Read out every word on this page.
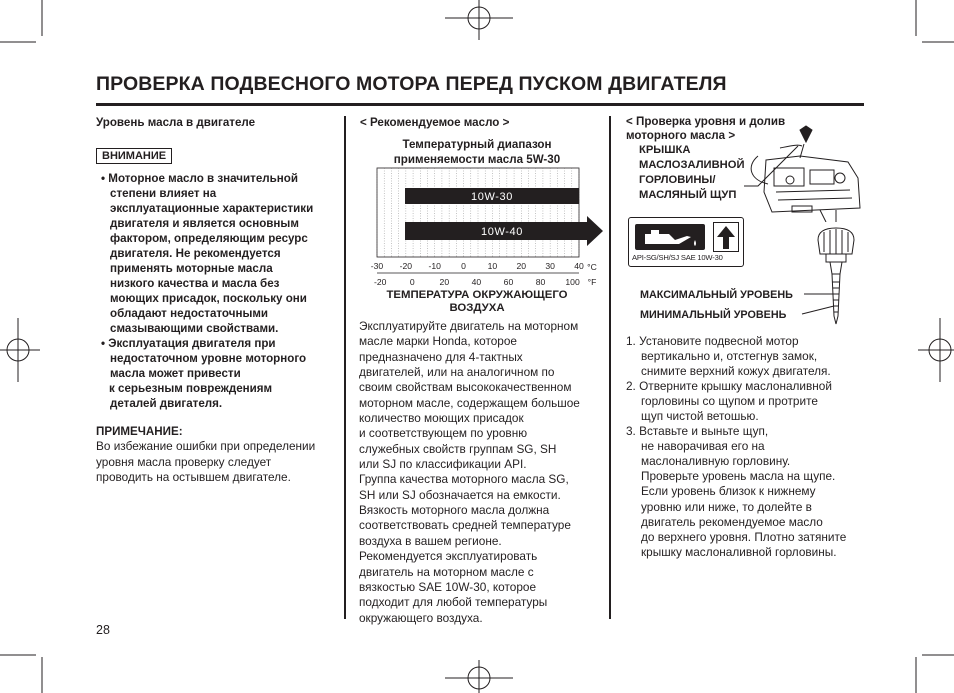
ПРОВЕРКА ПОДВЕСНОГО МОТОРА ПЕРЕД ПУСКОМ ДВИГАТЕЛЯ
Уровень масла в двигателе
ВНИМАНИЕ
• Моторное масло в значительной
степени влияет на
эксплуатационные характеристики
двигателя и является основным
фактором, определяющим ресурс
двигателя. Не рекомендуется
применять моторные масла
низкого качества и масла без
моющих присадок, поскольку они
обладают недостаточными
смазывающими свойствами.
• Эксплуатация двигателя при
недостаточном уровне моторного
масла может привести
к серьезным повреждениям
деталей двигателя.
ПРИМЕЧАНИЕ:
Во избежание ошибки при определении
уровня масла проверку следует
проводить на остывшем двигателе.
28
< Рекомендуемое масло >
Температурный диапазон
применяемости масла 5W-30
10W-30
10W-40
-30 -20 -10 0	10 20 30 40 °C
-20	0	20	40	60	80 100 °F
ТЕМПЕРАТУРА ОКРУЖАЮЩЕГО
ВОЗДУХА
Эксплуатируйте двигатель на моторном
масле марки Honda, которое
предназначено для 4-тактных
двигателей, или на аналогичном по
своим свойствам высококачественном
моторном масле, содержащем большое
количество моющих присадок
и соответствующем по уровню
служебных свойств группам SG, SH
или SJ по классификации API.
Группа качества моторного масла SG,
SH или SJ обозначается на емкости.
Вязкость моторного масла должна
соответствовать средней температуре
воздуха в вашем регионе.
Рекомендуется эксплуатировать
двигатель на моторном масле с
вязкостью SAE 10W-30, которое
подходит для любой температуры
окружающего воздуха.
< Проверка уровня и долив
моторного масла >
КРЫШКА
МАСЛОЗАЛИВНОЙ
ГОРЛОВИНЫ/
МАСЛЯНЫЙ ЩУП
API-SG/SH/SJ SAE 10W-30
МАКСИМАЛЬНЫЙ УРОВЕНЬ
МИНИМАЛЬНЫЙ УРОВЕНЬ
1. Установите подвесной мотор
вертикально и, отстегнув замок,
снимите верхний кожух двигателя.
2. Отверните крышку маслоналивной
горловины со щупом и протрите
щуп чистой ветошью.
3. Вставьте и выньте щуп,
не наворачивая его на
маслоналивную горловину.
Проверьте уровень масла на щупе.
Если уровень близок к нижнему
уровню или ниже, то долейте в
двигатель рекомендуемое масло
до верхнего уровня. Плотно затяните
крышку маслоналивной горловины.
